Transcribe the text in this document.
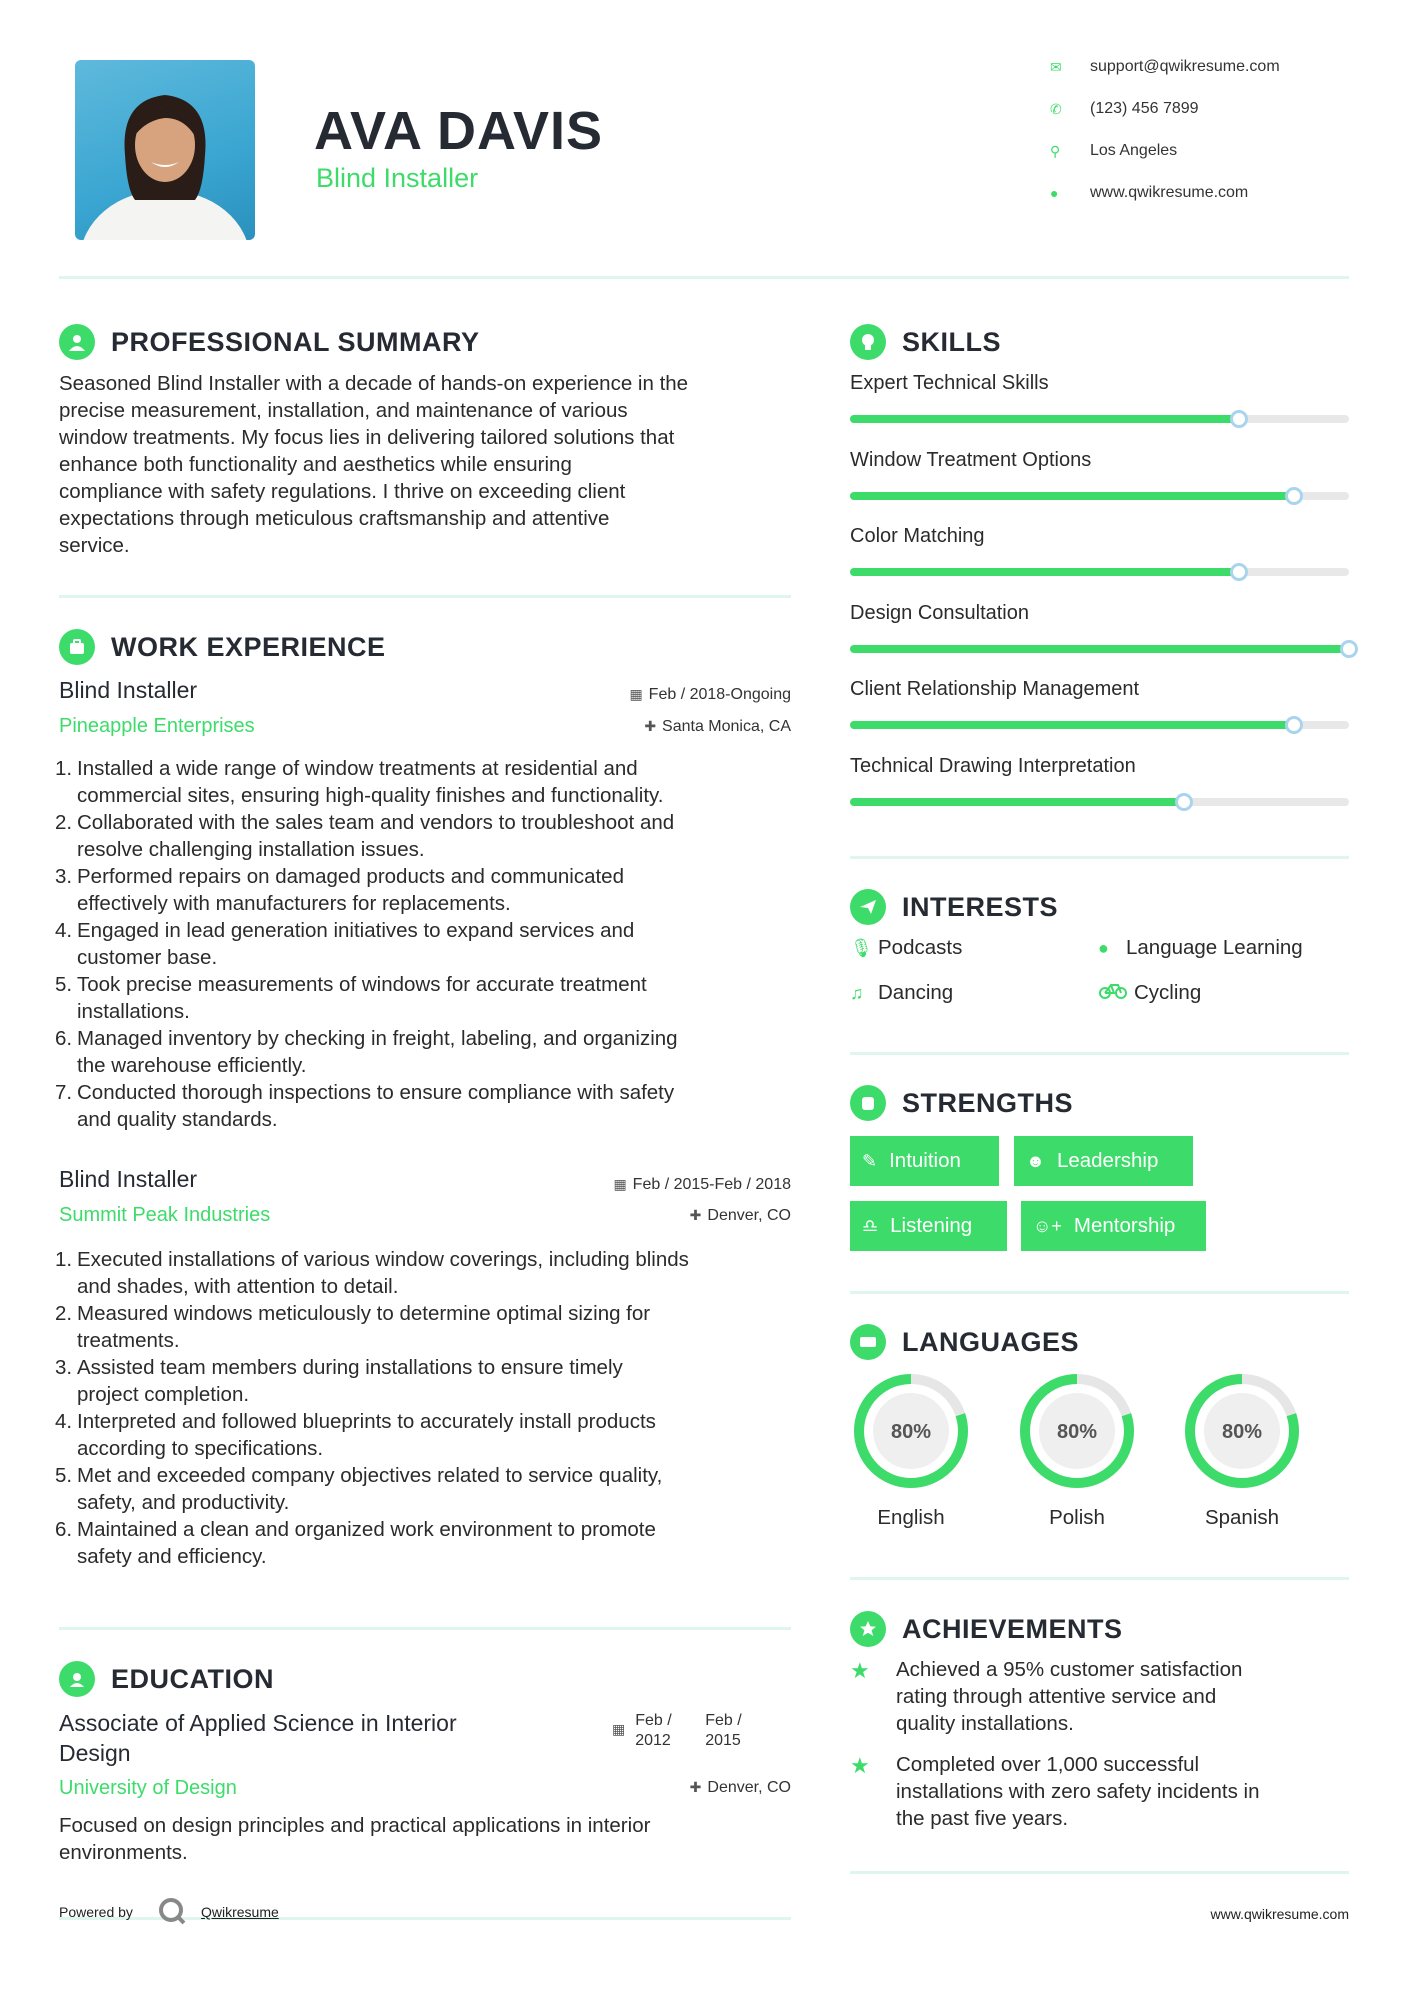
AVA DAVIS
Blind Installer
✉	support@qwikresume.com
✆	(123) 456 7899
⚲	Los Angeles
●	www.qwikresume.com
PROFESSIONAL SUMMARY
Seasoned Blind Installer with a decade of hands-on experience in the
precise measurement, installation, and maintenance of various
window treatments. My focus lies in delivering tailored solutions that
enhance both functionality and aesthetics while ensuring
compliance with safety regulations. I thrive on exceeding client
expectations through meticulous craftsmanship and attentive
service.
WORK EXPERIENCE
Blind Installer
Pineapple Enterprises
▦ Feb / 2018-Ongoing
✚ Santa Monica, CA
1. Installed a wide range of window treatments at residential and
commercial sites, ensuring high-quality finishes and functionality.
2. Collaborated with the sales team and vendors to troubleshoot and
resolve challenging installation issues.
3. Performed repairs on damaged products and communicated
effectively with manufacturers for replacements.
4. Engaged in lead generation initiatives to expand services and
customer base.
5. Took precise measurements of windows for accurate treatment
installations.
6. Managed inventory by checking in freight, labeling, and organizing
the warehouse efficiently.
7. Conducted thorough inspections to ensure compliance with safety
and quality standards.
Blind Installer
Summit Peak Industries
▦ Feb / 2015-Feb / 2018
✚ Denver, CO
1. Executed installations of various window coverings, including blinds
and shades, with attention to detail.
2. Measured windows meticulously to determine optimal sizing for
treatments.
3. Assisted team members during installations to ensure timely
project completion.
4. Interpreted and followed blueprints to accurately install products
according to specifications.
5. Met and exceeded company objectives related to service quality,
safety, and productivity.
6. Maintained a clean and organized work environment to promote
safety and efficiency.
EDUCATION
Associate of Applied Science in Interior
Design
▦ Feb /
2012
Feb /
2015
University of Design	✚ Denver, CO
Focused on design principles and practical applications in interior
environments.
Powered by	Qwikresume
SKILLS
Expert Technical Skills
Window Treatment Options
Color Matching
Design Consultation
Client Relationship Management
Technical Drawing Interpretation
INTERESTS
🎙 Podcasts	● Language Learning
♫ Dancing	Cycling
STRENGTHS
✎ Intuition	☻ Leadership
♎ Listening	☺+ Mentorship
LANGUAGES
80%
English
80%
Polish
80%
Spanish
ACHIEVEMENTS
★ Achieved a 95% customer satisfaction
rating through attentive service and
quality installations.
★ Completed over 1,000 successful
installations with zero safety incidents in
the past five years.
www.qwikresume.com
